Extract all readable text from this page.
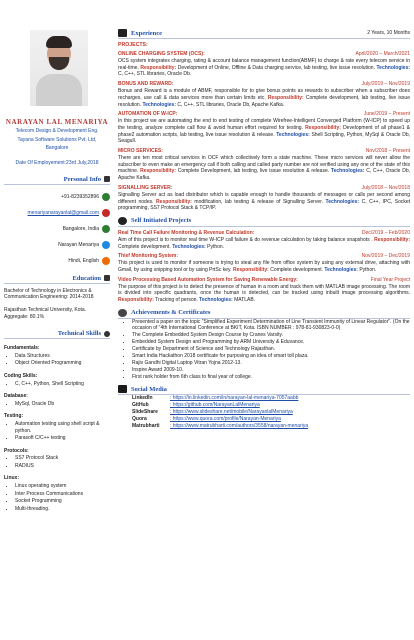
NARAYAN LAL MENARIYA
Telecom Design & Development Eng.
Tayana Software Solutions Pvt. Ltd,
Bangalore
Date Of Employement:23rd July,2018
Personal Info
+91-8239352896
menariyanarayanlal@gmail.com
Bangalore, India
Narayan Menariya
Hindi, English
Education
Bachelor of Technology in Electronics & Communication Engineering: 2014-2018
Rajasthan Technical University, Kota. Aggregate: 80.1%
Technical Skills
Fundamentals:
• Data Structures
• Object Oriented Programming
Coding Skills:
• C, C++, Python, Shell Scripting
Database:
• MySql, Oracle Db
Testing:
• Automation testing using shell script & python.
• Parasoft C/C++ testing
Protocols:
• SS7 Protocol Stack
• RADIUS
Linux:
• Linux operating system
• Inter Process Communications
• Socket Programming
• Multi-threading.
Experience	2 Years, 10 Months
PROJECTS:
ONLINE CHARGING SYSTEM (OCS):	April/2020 – March/2021
OCS system integrates charging, rating & account balance management function(ABMF) to charge & rate every telecom service in real-time. Responsibility: Development of Online, Offline & Data charging service, lab testing, live issue resolution. Technologies: C, C++, STL libraries, Oracle Db.
BONUS AND REWARD:	July/2019 – Nov/2019
Bonus and Reward is a module of ABMF, responsible for to give bonus points as rewards to subscriber when a subscriber does recharges, use call & data services more than certain limits etc. Responsibility: Complete development, lab testing, live issue resolution. Technologies: C, C++, STL libraries, Oracle Db, Apache Kafka.
AUTOMATION OF W-ICP:	June/2019 – Present
In this project we are automating the end to end testing of complete Wirefree-Intelligent Converged Platform (W-ICP) to speed up the testing, analyze complete call flow & avoid human effort required for testing. Responsibility: Development of all phase1 & phase2 automation scripts, lab testing, live issue resolution & release. Technologies: Shell Scripting, Python, MySql & Oracle Db, Seagull.
MICRO SERVICES:	Nov/2018 – Present
There are ten most critical services in OCF which collectively form a state machine. These micro services will never allow the subscriber to even make an emergency call if both calling and called party number are not verified using any one of the state of this machine. Responsibility: Complete Development, lab testing, live issue resolution & release. Technologies: C, C++, Oracle Db, Apache Kafka.
SIGNALLING SERVER:	July/2018 – Nov/2018
Signalling Server act as load distributor which is capable enough to handle thousands of messages or calls per second among different nodes. Responsibility: modification, lab testing & release of Signalling Server. Technologies: C, C++, IPC, Socket programming, SS7 Protocol Stack & TCP/IP.
Self Initiated Projects
Real Time Call Failure Monitoring & Revenue Calculation:	Dec/2019 – Feb/2020
Aim of this project is to monitor real time W-ICP call failure & do revenue calculation by taking balance snapshots . Responsibility: Complete development. Technologies: Python.
Thief Monitoring System:	Nov/2019 – Dec/2019
This project is used to monitor if someone is trying to steal any file from office system by using any external drive, attaching with Gmail, by using snipping tool or by using PrtSc key. Responsibility: Complete development. Technologies: Python.
Video Processing Based Automation System for Saving Renewable Energy:	Final Year Project
The purpose of this project is to detect the presence of human in a room and track them with MATLAB image processing. The room is divided into specific quadrants, once the human is detected, can be tracked using inbuilt image processing algorithms. Responsibility: Tracking of person. Technologies: MATLAB.
Achievements & Certificates
• Presented a paper on the topic "Simplified Experiment Determination of Line Transient Immunity of Linear Regulator". (On the occasion of "4th International Conference at BKIT, Kota. ISBN NUMBER : 978-81-930823-0-0)
• The Complete Embedded System Design Course by Cranes Varsity.
• Embedded System Design and Programming by ARM University & Eduvance.
• Certificate by Department of Science and Technology Rajasthan.
• Smart India Hackathon 2018 certificate for purposing an idea of smart toll plaza.
• Rajiv Gandhi Digital Laptop Vitran Yojna 2012-13.
• Inspire Award 2009-10.
• First rank holder from 6th class to final year of college.
Social Media
LinkedIn	: https://in.linkedin.com/in/narayan-lal-menariya-7057aabb
GitHub	: https://github.com/NarayanLalMenariya
SlideShare	: https://www.slideshare.net/mobile/NarayanlalMenariya
Quora	: https://www.quora.com/profile/Narayan-Menariya
Matrubharti	: https://www.matrubharti.com/authors/3558/narayan-menariya
